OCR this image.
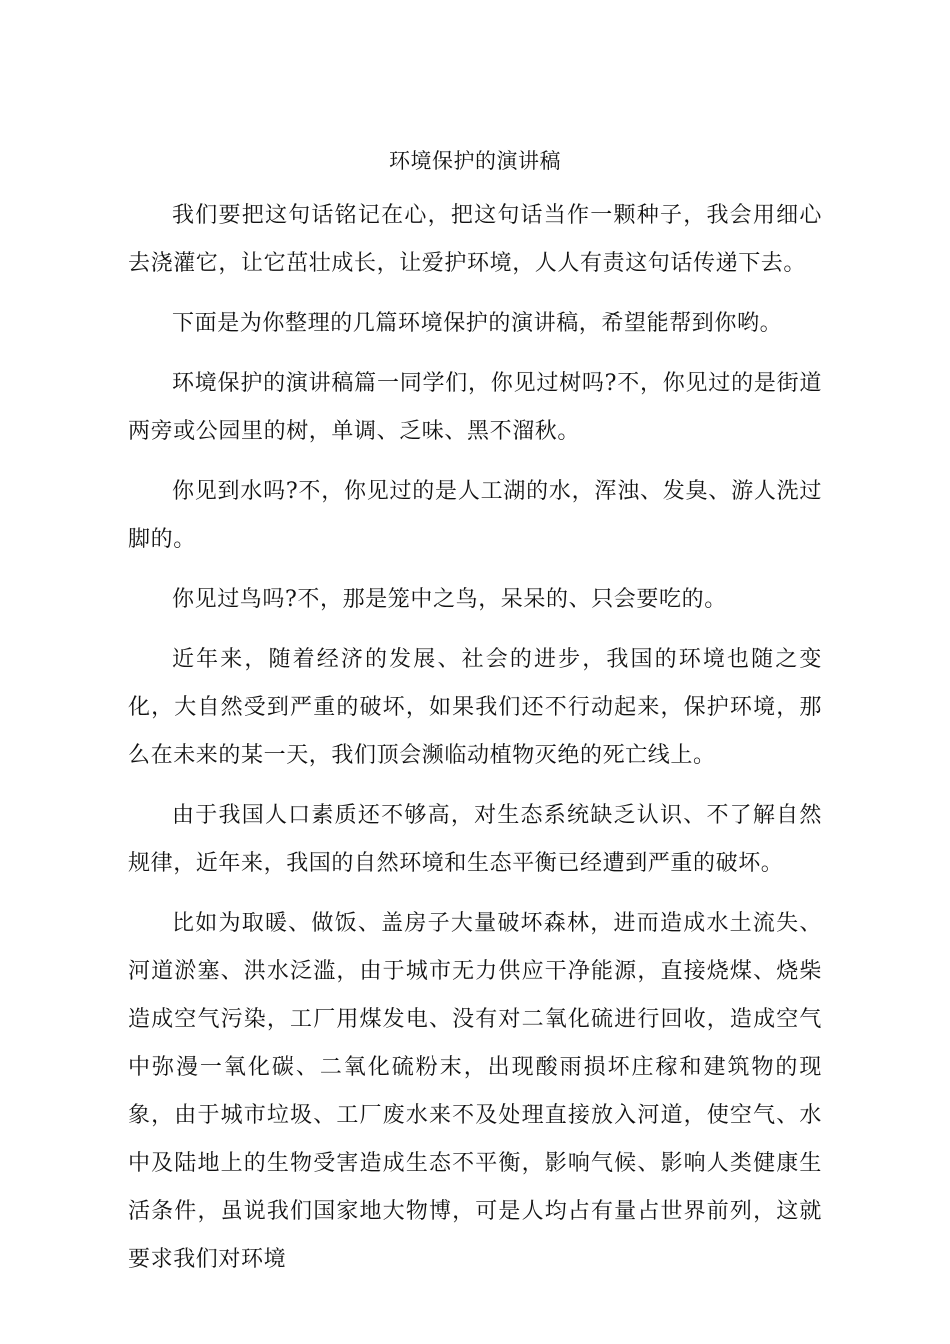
环境保护的演讲稿

我们要把这句话铭记在心，把这句话当作一颗种子，我会用细心去浇灌它，让它茁壮成长，让爱护环境，人人有责这句话传递下去。

下面是为你整理的几篇环境保护的演讲稿，希望能帮到你哟。

环境保护的演讲稿篇一同学们，你见过树吗?不，你见过的是街道两旁或公园里的树，单调、乏味、黑不溜秋。

你见到水吗?不，你见过的是人工湖的水，浑浊、发臭、游人洗过脚的。

你见过鸟吗?不，那是笼中之鸟，呆呆的、只会要吃的。

近年来，随着经济的发展、社会的进步，我国的环境也随之变化，大自然受到严重的破坏，如果我们还不行动起来，保护环境，那么在未来的某一天，我们顶会濒临动植物灭绝的死亡线上。

由于我国人口素质还不够高，对生态系统缺乏认识、不了解自然规律，近年来，我国的自然环境和生态平衡已经遭到严重的破坏。

比如为取暖、做饭、盖房子大量破坏森林，进而造成水土流失、河道淤塞、洪水泛滥，由于城市无力供应干净能源，直接烧煤、烧柴造成空气污染，工厂用煤发电、没有对二氧化硫进行回收，造成空气中弥漫一氧化碳、二氧化硫粉末，出现酸雨损坏庄稼和建筑物的现象，由于城市垃圾、工厂废水来不及处理直接放入河道，使空气、水中及陆地上的生物受害造成生态不平衡，影响气候、影响人类健康生活条件，虽说我们国家地大物博，可是人均占有量占世界前列，这就要求我们对环境
